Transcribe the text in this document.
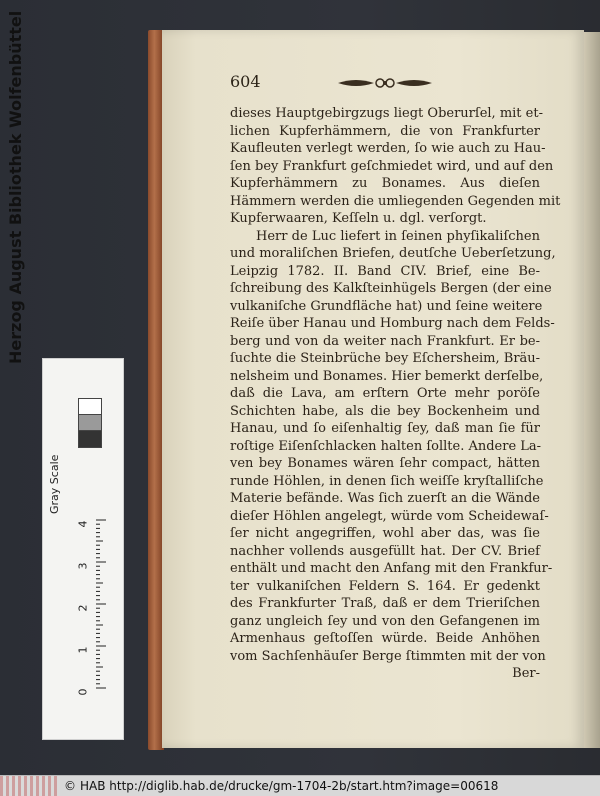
604
dieses Hauptgebirgzugs liegt Oberurſel, mit et-
lichen Kupferhämmern, die von Frankfurter
Kaufleuten verlegt werden, ſo wie auch zu Hau-
ſen bey Frankfurt geſchmiedet wird, und auf den
Kupferhämmern zu Bonames. Aus dieſen
Hämmern werden die umliegenden Gegenden mit
Kupferwaaren, Keſſeln u. dgl. verſorgt.
Herr de Luc liefert in ſeinen phyſikaliſchen
und moraliſchen Briefen, deutſche Ueberſetzung,
Leipzig 1782. II. Band CIV. Brief, eine Be-
ſchreibung des Kalkſteinhügels Bergen (der eine
vulkaniſche Grundfläche hat) und ſeine weitere
Reiſe über Hanau und Homburg nach dem Felds-
berg und von da weiter nach Frankfurt. Er be-
ſuchte die Steinbrüche bey Eſchersheim, Bräu-
nelsheim und Bonames. Hier bemerkt derſelbe,
daß die Lava, am erſtern Orte mehr poröſe
Schichten habe, als die bey Bockenheim und
Hanau, und ſo eiſenhaltig ſey, daß man ſie für
roſtige Eiſenſchlacken halten ſollte. Andere La-
ven bey Bonames wären ſehr compact, hätten
runde Höhlen, in denen ſich weiſſe kryſtalliſche
Materie befände. Was ſich zuerſt an die Wände
dieſer Höhlen angelegt, würde vom Scheidewaſ-
ſer nicht angegriffen, wohl aber das, was ſie
nachher vollends ausgefüllt hat. Der CV. Brief
enthält und macht den Anfang mit den Frankfur-
ter vulkaniſchen Feldern S. 164. Er gedenkt
des Frankfurter Traß, daß er dem Trieriſchen
ganz ungleich ſey und von den Gefangenen im
Armenhaus geſtoſſen würde. Beide Anhöhen
vom Sachſenhäuſer Berge ſtimmten mit der von
Ber-
Herzog August Bibliothek Wolfenbüttel
Gray Scale
0
1
2
3
4
© HAB http://diglib.hab.de/drucke/gm-1704-2b/start.htm?image=00618
